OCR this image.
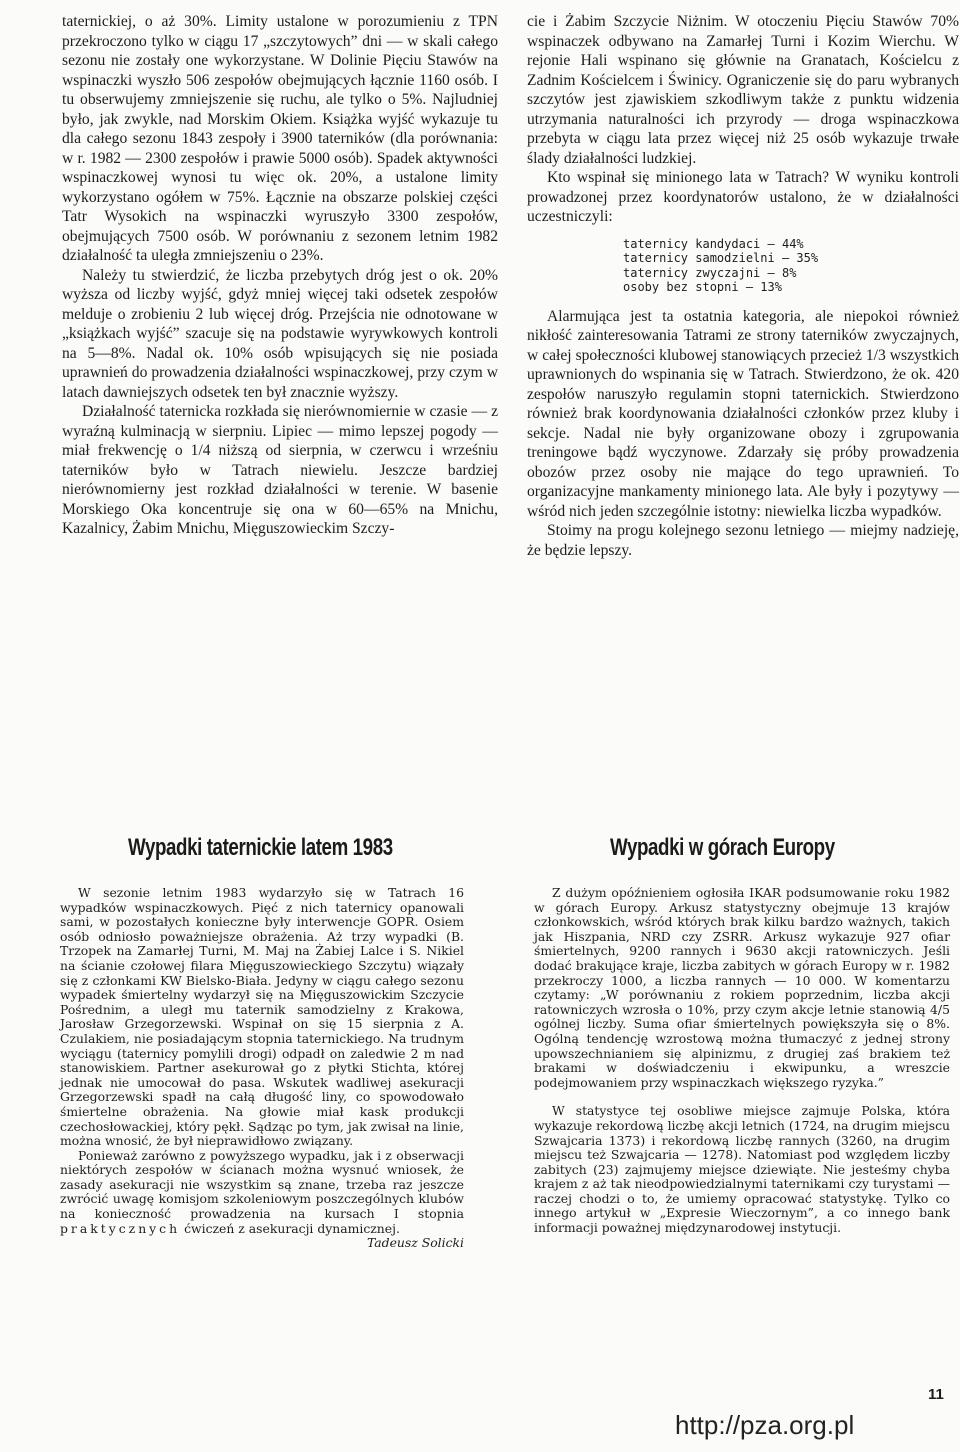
taternickiej, o aż 30%. Limity ustalone w porozumieniu z TPN przekroczono tylko w ciągu 17 „szczytowych” dni — w skali całego sezonu nie zostały one wykorzystane. W Dolinie Pięciu Stawów na wspinaczki wyszło 506 zespołów obejmujących łącznie 1160 osób. I tu obserwujemy zmniejszenie się ruchu, ale tylko o 5%. Najludniej było, jak zwykle, nad Morskim Okiem. Książka wyjść wykazuje tu dla całego sezonu 1843 zespoły i 3900 taterników (dla porównania: w r. 1982 — 2300 zespołów i prawie 5000 osób). Spadek aktywności wspinaczkowej wynosi tu więc ok. 20%, a ustalone limity wykorzystano ogółem w 75%. Łącznie na obszarze polskiej części Tatr Wysokich na wspinaczki wyruszyło 3300 zespołów, obejmujących 7500 osób. W porównaniu z sezonem letnim 1982 działalność ta uległa zmniejszeniu o 23%.

Należy tu stwierdzić, że liczba przebytych dróg jest o ok. 20% wyższa od liczby wyjść, gdyż mniej więcej taki odsetek zespołów melduje o zrobieniu 2 lub więcej dróg. Przejścia nie odnotowane w „książkach wyjść” szacuje się na podstawie wyrywkowych kontroli na 5—8%. Nadal ok. 10% osób wpisujących się nie posiada uprawnień do prowadzenia działalności wspinaczkowej, przy czym w latach dawniejszych odsetek ten był znacznie wyższy.

Działalność taternicka rozkłada się nierównomiernie w czasie — z wyraźną kulminacją w sierpniu. Lipiec — mimo lepszej pogody — miał frekwencję o 1/4 niższą od sierpnia, w czerwcu i wrześniu taterników było w Tatrach niewielu. Jeszcze bardziej nierównomierny jest rozkład działalności w terenie. W basenie Morskiego Oka koncentruje się ona w 60—65% na Mnichu, Kazalnicy, Żabim Mnichu, Mięguszowieckim Szczy-

cie i Żabim Szczycie Niżnim. W otoczeniu Pięciu Stawów 70% wspinaczek odbywano na Zamarłej Turni i Kozim Wierchu. W rejonie Hali wspinano się głównie na Granatach, Kościelcu z Zadnim Kościelcem i Świnicy. Ograniczenie się do paru wybranych szczytów jest zjawiskiem szkodliwym także z punktu widzenia utrzymania naturalności ich przyrody — droga wspinaczkowa przebyta w ciągu lata przez więcej niż 25 osób wykazuje trwałe ślady działalności ludzkiej.

Kto wspinał się minionego lata w Tatrach? W wyniku kontroli prowadzonej przez koordynatorów ustalono, że w działalności uczestniczyli:

taternicy kandydaci — 44%
taternicy samodzielni — 35%
taternicy zwyczajni — 8%
osoby bez stopni — 13%

Alarmująca jest ta ostatnia kategoria, ale niepokoi również nikłość zainteresowania Tatrami ze strony taterników zwyczajnych, w całej społeczności klubowej stanowiących przecież 1/3 wszystkich uprawnionych do wspinania się w Tatrach. Stwierdzono, że ok. 420 zespołów naruszyło regulamin stopni taternickich. Stwierdzono również brak koordynowania działalności członków przez kluby i sekcje. Nadal nie były organizowane obozy i zgrupowania treningowe bądź wyczynowe. Zdarzały się próby prowadzenia obozów przez osoby nie mające do tego uprawnień. To organizacyjne mankamenty minionego lata. Ale były i pozytywy — wśród nich jeden szczególnie istotny: niewielka liczba wypadków.

Stoimy na progu kolejnego sezonu letniego — miejmy nadzieję, że będzie lepszy.

Wypadki taternickie latem 1983	Wypadki w górach Europy

W sezonie letnim 1983 wydarzyło się w Tatrach 16 wypadków wspinaczkowych. Pięć z nich taternicy opanowali sami, w pozostałych konieczne były interwencje GOPR. Osiem osób odniosło poważniejsze obrażenia. Aż trzy wypadki (B. Trzopek na Zamarłej Turni, M. Maj na Żabiej Lalce i S. Nikiel na ścianie czołowej filara Mięguszowieckiego Szczytu) wiązały się z członkami KW Bielsko-Biała. Jedyny w ciągu całego sezonu wypadek śmiertelny wydarzył się na Mięguszowickim Szczycie Pośrednim, a uległ mu taternik samodzielny z Krakowa, Jarosław Grzegorzewski. Wspinał on się 15 sierpnia z A. Czulakiem, nie posiadającym stopnia taternickiego. Na trudnym wyciągu (taternicy pomylili drogi) odpadł on zaledwie 2 m nad stanowiskiem. Partner asekurował go z płytki Stichta, której jednak nie umocował do pasa. Wskutek wadliwej asekuracji Grzegorzewski spadł na całą długość liny, co spowodowało śmiertelne obrażenia. Na głowie miał kask produkcji czechosłowackiej, który pękł. Sądząc po tym, jak zwisał na linie, można wnosić, że był nieprawidłowo związany.

Ponieważ zarówno z powyższego wypadku, jak i z obserwacji niektórych zespołów w ścianach można wysnuć wniosek, że zasady asekuracji nie wszystkim są znane, trzeba raz jeszcze zwrócić uwagę komisjom szkoleniowym poszczególnych klubów na konieczność prowadzenia na kursach I stopnia praktycznych ćwiczeń z asekuracji dynamicznej.

Tadeusz Solicki

Z dużym opóźnieniem ogłosiła IKAR podsumowanie roku 1982 w górach Europy. Arkusz statystyczny obejmuje 13 krajów członkowskich, wśród których brak kilku bardzo ważnych, takich jak Hiszpania, NRD czy ZSRR. Arkusz wykazuje 927 ofiar śmiertelnych, 9200 rannych i 9630 akcji ratowniczych. Jeśli dodać brakujące kraje, liczba zabitych w górach Europy w r. 1982 przekroczy 1000, a liczba rannych — 10 000. W komentarzu czytamy: „W porównaniu z rokiem poprzednim, liczba akcji ratowniczych wzrosła o 10%, przy czym akcje letnie stanowią 4/5 ogólnej liczby. Suma ofiar śmiertelnych powiększyła się o 8%. Ogólną tendencję wzrostową można tłumaczyć z jednej strony upowszechnianiem się alpinizmu, z drugiej zaś brakiem też brakami w doświadczeniu i ekwipunku, a wreszcie podejmowaniem przy wspinaczkach większego ryzyka.”

W statystyce tej osobliwe miejsce zajmuje Polska, która wykazuje rekordową liczbę akcji letnich (1724, na drugim miejscu Szwajcaria 1373) i rekordową liczbę rannych (3260, na drugim miejscu też Szwajcaria — 1278). Natomiast pod względem liczby zabitych (23) zajmujemy miejsce dziewiąte. Nie jesteśmy chyba krajem z aż tak nieodpowiedzialnymi taternikami czy turystami — raczej chodzi o to, że umiemy opracować statystykę. Tylko co innego artykuł w „Expresie Wieczornym”, a co innego bank informacji poważnej międzynarodowej instytucji.

11
http://pza.org.pl
